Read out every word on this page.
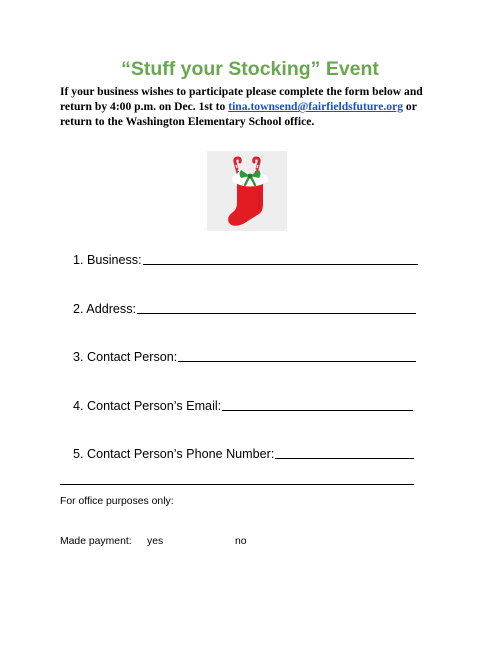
“Stuff your Stocking” Event
If your business wishes to participate please complete the form below and
return by 4:00 p.m. on Dec. 1st to tina.townsend@fairfieldsfuture.org or
return to the Washington Elementary School office.
1. Business:
2. Address:
3. Contact Person:
4. Contact Person’s Email:
5. Contact Person’s Phone Number:
For office purposes only:
Made payment: yes	no
